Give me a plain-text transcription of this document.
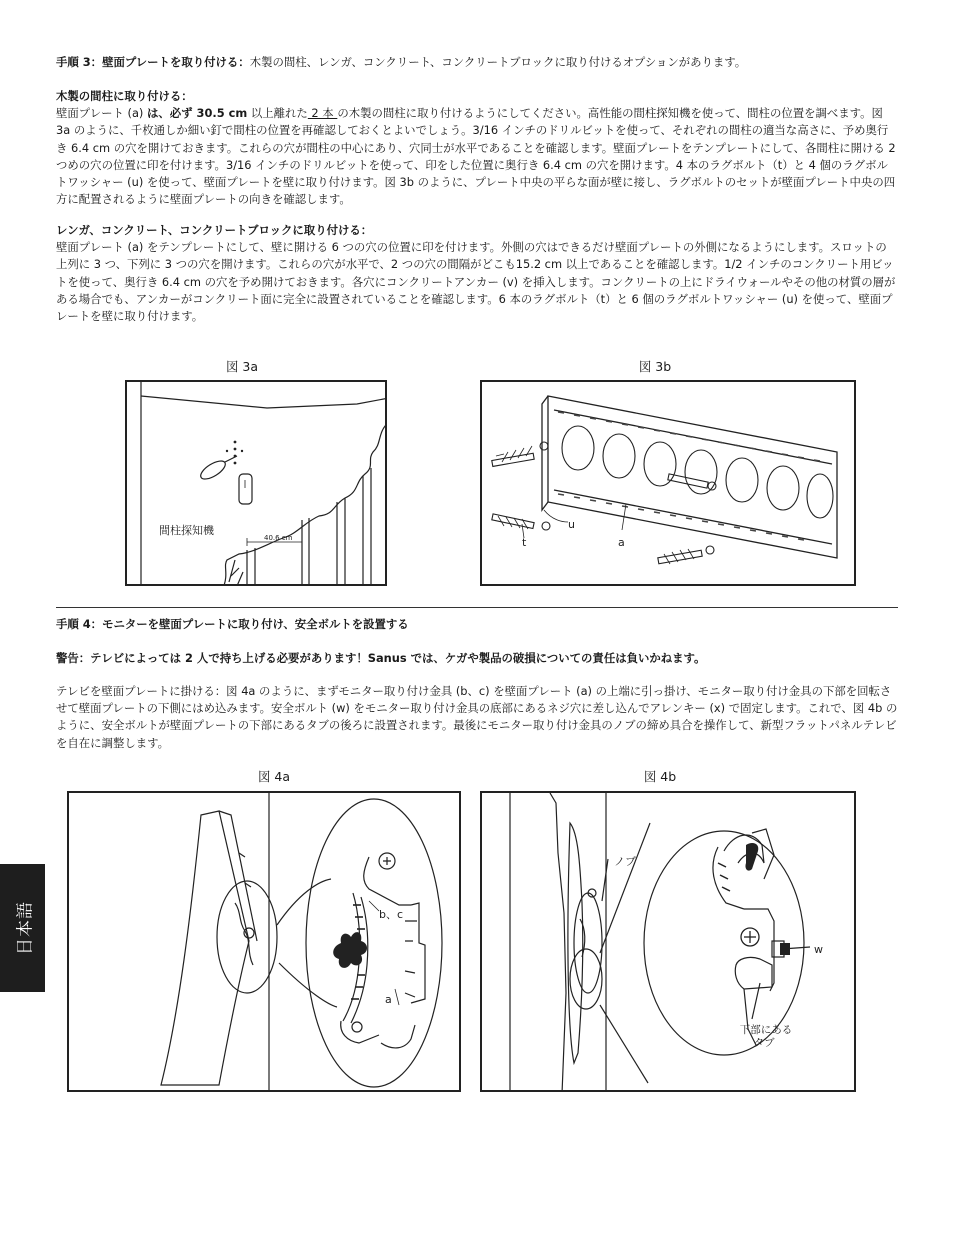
手順 3：壁面プレートを取り付ける：木製の間柱、レンガ、コンクリート、コンクリートブロックに取り付けるオプションがあります。

木製の間柱に取り付ける：

壁面プレート (a) は、必ず 30.5 cm 以上離れた 2 本 の木製の間柱に取り付けるようにしてください。高性能の間柱探知機を使って、間柱の位置を調べます。図 3a のように、千枚通しか細い釘で間柱の位置を再確認しておくとよいでしょう。3/16 インチのドリルビットを使って、それぞれの間柱の適当な高さに、予め奥行き 6.4 cm の穴を開けておきます。これらの穴が間柱の中心にあり、穴同士が水平であることを確認します。壁面プレートをテンプレートにして、各間柱に開ける 2 つめの穴の位置に印を付けます。3/16 インチのドリルビットを使って、印をした位置に奥行き 6.4 cm の穴を開けます。4 本のラグボルト（t）と 4 個のラグボルトワッシャー (u) を使って、壁面プレートを壁に取り付けます。図 3b のように、プレート中央の平らな面が壁に接し、ラグボルトのセットが壁面プレート中央の四方に配置されるように壁面プレートの向きを確認します。

レンガ、コンクリート、コンクリートブロックに取り付ける：

壁面プレート (a) をテンプレートにして、壁に開ける 6 つの穴の位置に印を付けます。外側の穴はできるだけ壁面プレートの外側になるようにします。スロットの上列に 3 つ、下列に 3 つの穴を開けます。これらの穴が水平で、2 つの穴の間隔がどこも15.2 cm 以上であることを確認します。1/2 インチのコンクリート用ビットを使って、奥行き 6.4 cm の穴を予め開けておきます。各穴にコンクリートアンカー (v) を挿入します。コンクリートの上にドライウォールやその他の材質の層がある場合でも、アンカーがコンクリート面に完全に設置されていることを確認します。6 本のラグボルト（t）と 6 個のラグボルトワッシャー (u) を使って、壁面プレートを壁に取り付けます。

図 3a
間柱探知機
40.6 cm
図 3b
u
t	a

手順 4：モニターを壁面プレートに取り付け、安全ボルトを設置する

警告：テレビによっては 2 人で持ち上げる必要があります！Sanus では、ケガや製品の破損についての責任は負いかねます。

テレビを壁面プレートに掛ける：図 4a のように、まずモニター取り付け金具 (b、c) を壁面プレート (a) の上端に引っ掛け、モニター取り付け金具の下部を回転させて壁面プレートの下側にはめ込みます。安全ボルト (w) をモニター取り付け金具の底部にあるネジ穴に差し込んでアレンキー (x) で固定します。これで、図 4b のように、安全ボルトが壁面プレートの下部にあるタブの後ろに設置されます。最後にモニター取り付け金具のノブの締め具合を操作して、新型フラットパネルテレビを自在に調整します。

図 4a
b、c
a
図 4b
ノブ
w
下部にある
タブ
日本語
